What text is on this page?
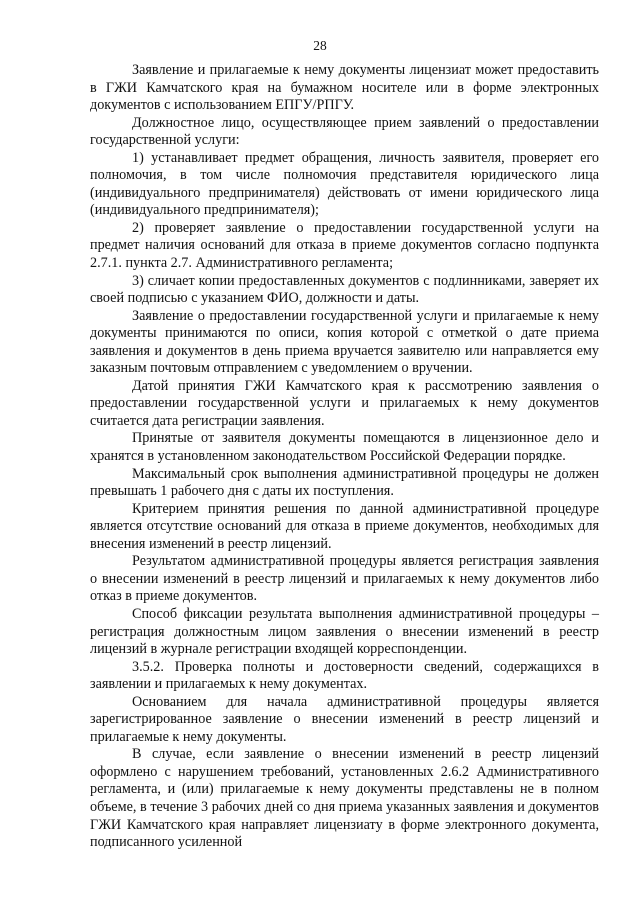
28

Заявление и прилагаемые к нему документы лицензиат может предоставить в ГЖИ Камчатского края на бумажном носителе или в форме электронных документов с использованием ЕПГУ/РПГУ.

Должностное лицо, осуществляющее прием заявлений о предоставлении государственной услуги:

1) устанавливает предмет обращения, личность заявителя, проверяет его полномочия, в том числе полномочия представителя юридического лица (индивидуального предпринимателя) действовать от имени юридического лица (индивидуального предпринимателя);

2) проверяет заявление о предоставлении государственной услуги на предмет наличия оснований для отказа в приеме документов согласно подпункта 2.7.1. пункта 2.7. Административного регламента;

3) сличает копии предоставленных документов с подлинниками, заверяет их своей подписью с указанием ФИО, должности и даты.

Заявление о предоставлении государственной услуги и прилагаемые к нему документы принимаются по описи, копия которой с отметкой о дате приема заявления и документов в день приема вручается заявителю или направляется ему заказным почтовым отправлением с уведомлением о вручении.

Датой принятия ГЖИ Камчатского края к рассмотрению заявления о предоставлении государственной услуги и прилагаемых к нему документов считается дата регистрации заявления.

Принятые от заявителя документы помещаются в лицензионное дело и хранятся в установленном законодательством Российской Федерации порядке.

Максимальный срок выполнения административной процедуры не должен превышать 1 рабочего дня с даты их поступления.

Критерием принятия решения по данной административной процедуре является отсутствие оснований для отказа в приеме документов, необходимых для внесения изменений в реестр лицензий.

Результатом административной процедуры является регистрация заявления о внесении изменений в реестр лицензий и прилагаемых к нему документов либо отказ в приеме документов.

Способ фиксации результата выполнения административной процедуры – регистрация должностным лицом заявления о внесении изменений в реестр лицензий в журнале регистрации входящей корреспонденции.

3.5.2. Проверка полноты и достоверности сведений, содержащихся в заявлении и прилагаемых к нему документах.

Основанием для начала административной процедуры является зарегистрированное заявление о внесении изменений в реестр лицензий и прилагаемые к нему документы.

В случае, если заявление о внесении изменений в реестр лицензий оформлено с нарушением требований, установленных 2.6.2 Административного регламента, и (или) прилагаемые к нему документы представлены не в полном объеме, в течение 3 рабочих дней со дня приема указанных заявления и документов ГЖИ Камчатского края направляет лицензиату в форме электронного документа, подписанного усиленной
